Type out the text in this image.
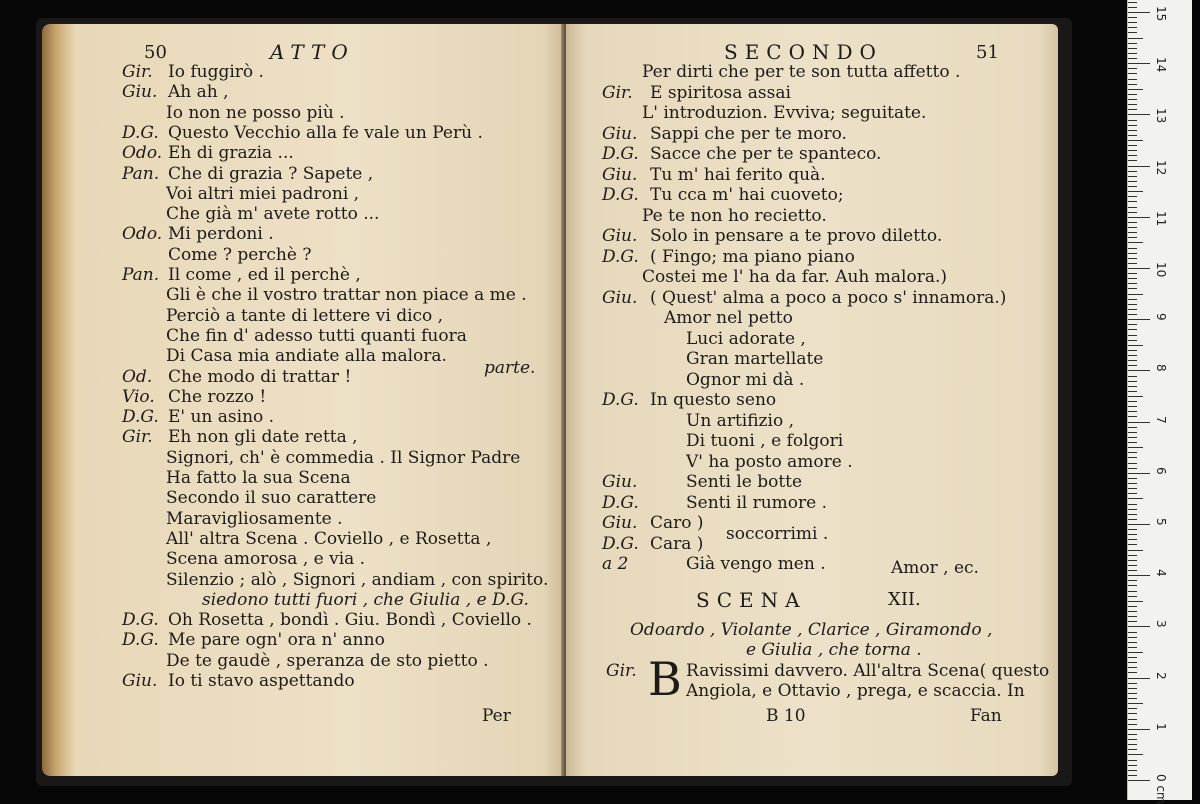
50	ATTO
Gir. Io fuggirò .
Giu. Ah ah ,
Io non ne posso più .
D.G. Questo Vecchio alla fe vale un Perù .
Odo. Eh di grazia ...
Pan. Che di grazia ? Sapete ,
Voi altri miei padroni ,
Che già m' avete rotto ...
Odo. Mi perdoni .
Come ? perchè ?
Pan. Il come , ed il perchè ,
Gli è che il vostro trattar non piace a me .
Perciò a tante di lettere vi dico ,
Che fin d' adesso tutti quanti fuora
Di Casa mia andiate alla malora.
Od. Che modo di trattar !
Vio. Che rozzo !
D.G. E' un asino .
Gir. Eh non gli date retta ,
Signori, ch' è commedia . Il Signor Padre
Ha fatto la sua Scena
Secondo il suo carattere
Maravigliosamente .
All' altra Scena . Coviello , e Rosetta ,
Scena amorosa , e via .
Silenzio ; alò , Signori , andiam , con spirito.
siedono tutti fuori , che Giulia , e D.G.
D.G. Oh Rosetta , bondì . Giu. Bondì , Coviello .
D.G. Me pare ogn' ora n' anno
De te gaudè , speranza de sto pietto .
Giu. Io ti stavo aspettando
parte.
Per
SECONDO	51
Per dirti che per te son tutta affetto .
Gir. E spiritosa assai
L' introduzion. Evviva; seguitate.
Giu. Sappi che per te moro.
D.G. Sacce che per te spanteco.
Giu. Tu m' hai ferito quà.
D.G. Tu cca m' hai cuoveto;
Pe te non ho recietto.
Giu. Solo in pensare a te provo diletto.
D.G. ( Fingo; ma piano piano
Costei me l' ha da far. Auh malora.)
Giu. ( Quest' alma a poco a poco s' innamora.)
Amor nel petto
Luci adorate ,
Gran martellate
Ognor mi dà .
D.G. In questo seno
Un artifizio ,
Di tuoni , e folgori
V' ha posto amore .
Giu.	Senti le botte
D.G.	Senti il rumore .
Giu. Caro )
D.G. Cara )
a 2	Già vengo men .
soccorrimi .
Amor , ec.
SCENA	XII.
Odoardo , Violante , Clarice , Giramondo ,
e Giulia , che torna .
Gir. B Ravissimi davvero. All'altra Scena( questo
Angiola, e Ottavio , prega, e scaccia. In
B 10	Fan
0 cm
1
2
3
4
5
6
7
8
9
10
11
12
13
14
15
